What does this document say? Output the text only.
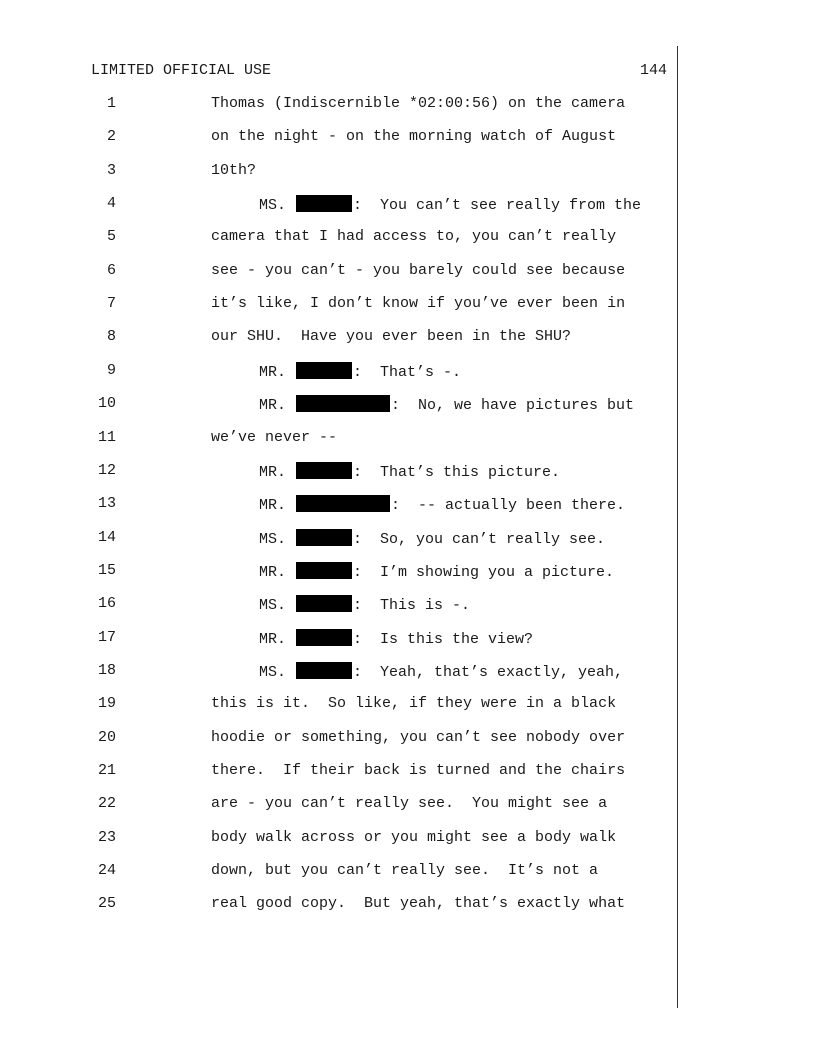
LIMITED OFFICIAL USE	144
1	Thomas (Indiscernible *02:00:56) on the camera
2	on the night - on the morning watch of August
3	10th?
4	MS.	:  You can’t see really from the
5	camera that I had access to, you can’t really
6	see - you can’t - you barely could see because
7	it’s like, I don’t know if you’ve ever been in
8	our SHU.  Have you ever been in the SHU?
9	MR.	:  That’s -.
10	MR.	:  No, we have pictures but
11	we’ve never --
12	MR.	:  That’s this picture.
13	MR.	:  -- actually been there.
14	MS.	:  So, you can’t really see.
15	MR.	:  I’m showing you a picture.
16	MS.	:  This is -.
17	MR.	:  Is this the view?
18	MS.	:  Yeah, that’s exactly, yeah,
19	this is it.  So like, if they were in a black
20	hoodie or something, you can’t see nobody over
21	there.  If their back is turned and the chairs
22	are - you can’t really see.  You might see a
23	body walk across or you might see a body walk
24	down, but you can’t really see.  It’s not a
25	real good copy.  But yeah, that’s exactly what
